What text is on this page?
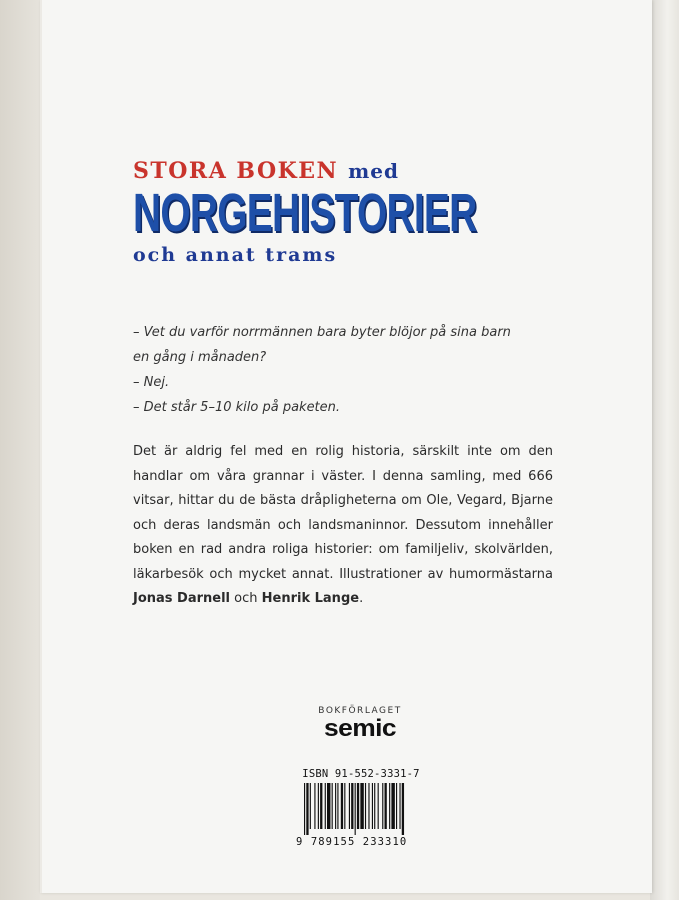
STORA BOKEN med
NORGEHISTORIER
och annat trams

– Vet du varför norrmännen bara byter blöjor på sina barn

en gång i månaden?

– Nej.

– Det står 5–10 kilo på paketen.

Det är aldrig fel med en rolig historia, särskilt inte om den handlar om våra grannar i väster. I denna samling, med 666 vitsar, hittar du de bästa dråpligheterna om Ole, Vegard, Bjarne och deras landsmän och landsmaninnor. Dessutom innehåller boken en rad andra roliga historier: om familjeliv, skolvärlden, läkarbesök och mycket annat. Illustrationer av humormästarna Jonas Darnell och Henrik Lange.
BOKFÖRLAGET
semic
ISBN 91-552-3331-7
9 789155 233310
